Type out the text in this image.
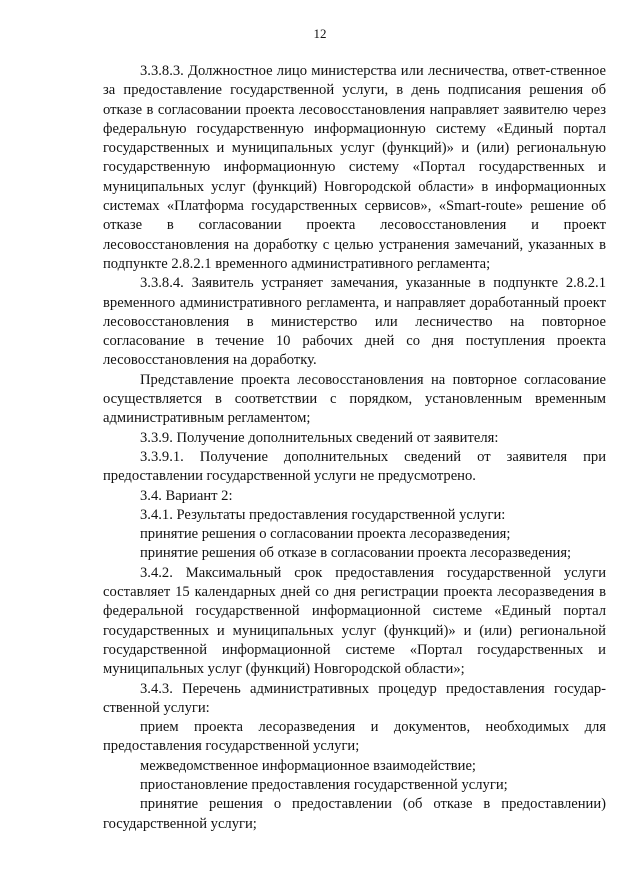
12

3.3.8.3. Должностное лицо министерства или лесничества, ответ-ственное за предоставление государственной услуги, в день подписания решения об отказе в согласовании проекта лесовосстановления направляет заявителю через федеральную государственную информационную систему «Единый портал государственных и муниципальных услуг (функций)» и (или) региональную государственную информационную систему «Портал государственных и муниципальных услуг (функций) Новгородской области» в информационных системах «Платформа государственных сервисов», «Smart-route» решение об отказе в согласовании проекта лесовосстановления и проект лесовосстановления на доработку с целью устранения замечаний, указанных в подпункте 2.8.2.1 временного административного регламента;

3.3.8.4. Заявитель устраняет замечания, указанные в подпункте 2.8.2.1 временного административного регламента, и направляет доработанный проект лесовосстановления в министерство или лесничество на повторное согласование в течение 10 рабочих дней со дня поступления проекта лесовосстановления на доработку.

Представление проекта лесовосстановления на повторное согласование осуществляется в соответствии с порядком, установленным временным административным регламентом;

3.3.9. Получение дополнительных сведений от заявителя:

3.3.9.1. Получение дополнительных сведений от заявителя при предоставлении государственной услуги не предусмотрено.

3.4. Вариант 2:

3.4.1. Результаты предоставления государственной услуги:

принятие решения о согласовании проекта лесоразведения;

принятие решения об отказе в согласовании проекта лесоразведения;

3.4.2. Максимальный срок предоставления государственной услуги составляет 15 календарных дней со дня регистрации проекта лесоразведения в федеральной государственной информационной системе «Единый портал государственных и муниципальных услуг (функций)» и (или) региональной государственной информационной системе «Портал государственных и муниципальных услуг (функций) Новгородской области»;

3.4.3. Перечень административных процедур предоставления государ-ственной услуги:

прием проекта лесоразведения и документов, необходимых для предоставления государственной услуги;

межведомственное информационное взаимодействие;

приостановление предоставления государственной услуги;

принятие решения о предоставлении (об отказе в предоставлении) государственной услуги;
